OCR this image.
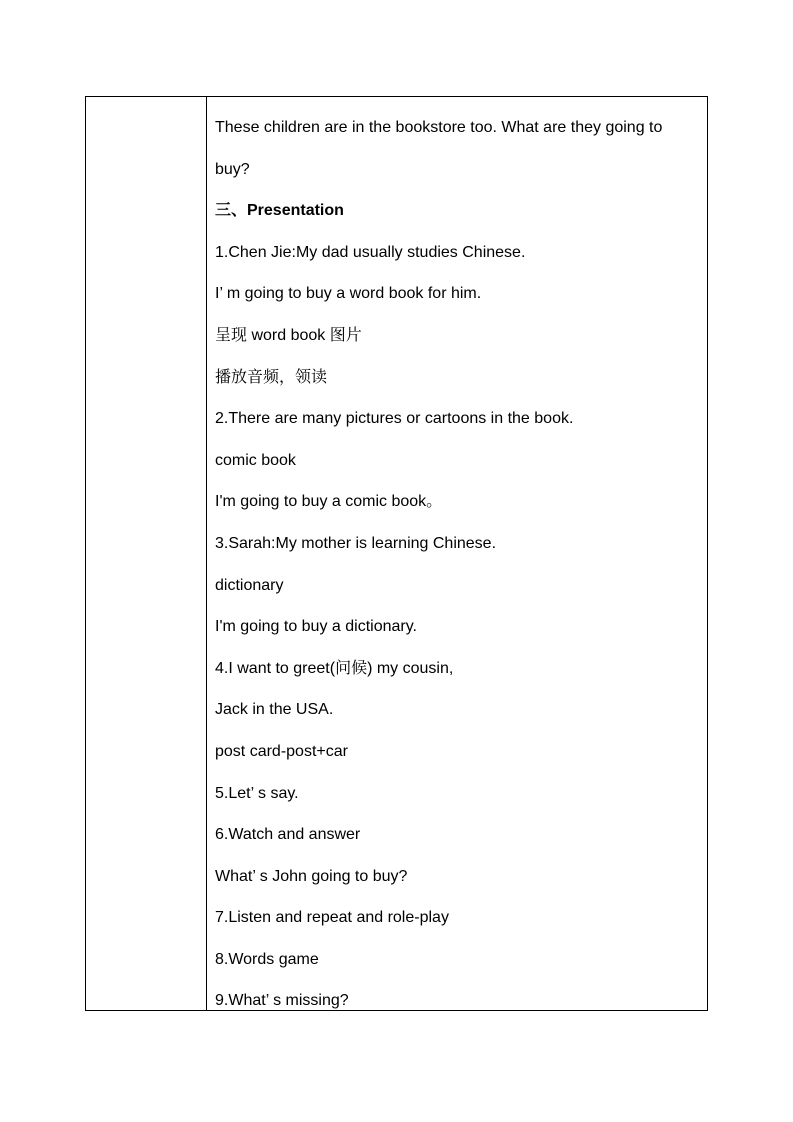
These children are in the bookstore too. What are they going to
buy?
三、Presentation
1.Chen Jie:My dad usually studies Chinese.
I’ m going to buy a word book for him.
呈现 word book 图片
播放音频，领读
2.There are many pictures or cartoons in the book.
comic book
I'm going to buy a comic book。
3.Sarah:My mother is learning Chinese.
dictionary
I'm going to buy a dictionary.
4.I want to greet(问候) my cousin,
Jack in the USA.
post card-post+car
5.Let’ s say.
6.Watch and answer
What’ s John going to buy?
7.Listen and repeat and role-play
8.Words game
9.What’ s missing?
